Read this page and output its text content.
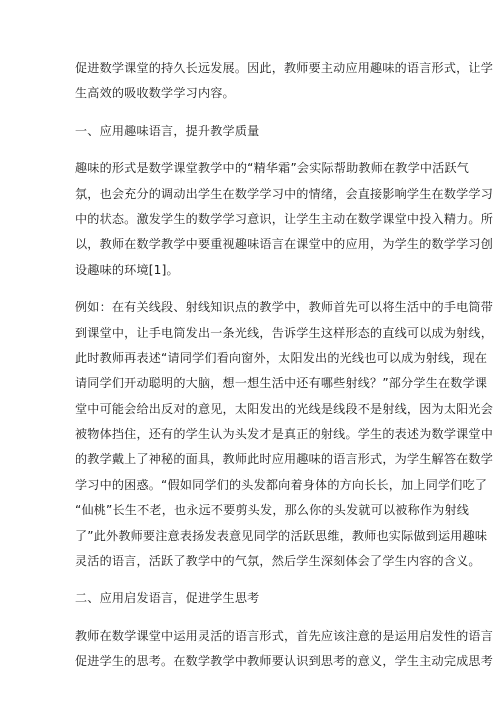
促进数学课堂的持久长远发展。因此，教师要主动应用趣味的语言形式，让学
生高效的吸收数学学习内容。

一、应用趣味语言，提升教学质量

趣味的形式是数学课堂教学中的“精华霜”会实际帮助教师在教学中活跃气
氛，也会充分的调动出学生在数学学习中的情绪，会直接影响学生在数学学习
中的状态。激发学生的数学学习意识，让学生主动在数学课堂中投入精力。所
以，教师在数学教学中要重视趣味语言在课堂中的应用，为学生的数学学习创
设趣味的环境[1]。

例如：在有关线段、射线知识点的教学中，教师首先可以将生活中的手电筒带
到课堂中，让手电筒发出一条光线，告诉学生这样形态的直线可以成为射线，
此时教师再表述“请同学们看向窗外，太阳发出的光线也可以成为射线，现在
请同学们开动聪明的大脑，想一想生活中还有哪些射线？”部分学生在数学课
堂中可能会给出反对的意见，太阳发出的光线是线段不是射线，因为太阳光会
被物体挡住，还有的学生认为头发才是真正的射线。学生的表述为数学课堂中
的教学戴上了神秘的面具，教师此时应用趣味的语言形式，为学生解答在数学
学习中的困惑。“假如同学们的头发都向着身体的方向长长，加上同学们吃了
“仙桃”长生不老，也永远不要剪头发，那么你的头发就可以被称作为射线
了”此外教师要注意表扬发表意见同学的活跃思维，教师也实际做到运用趣味
灵活的语言，活跃了教学中的气氛，然后学生深刻体会了学生内容的含义。

二、应用启发语言，促进学生思考

教师在数学课堂中运用灵活的语言形式，首先应该注意的是运用启发性的语言
促进学生的思考。在数学教学中教师要认识到思考的意义，学生主动完成思考
